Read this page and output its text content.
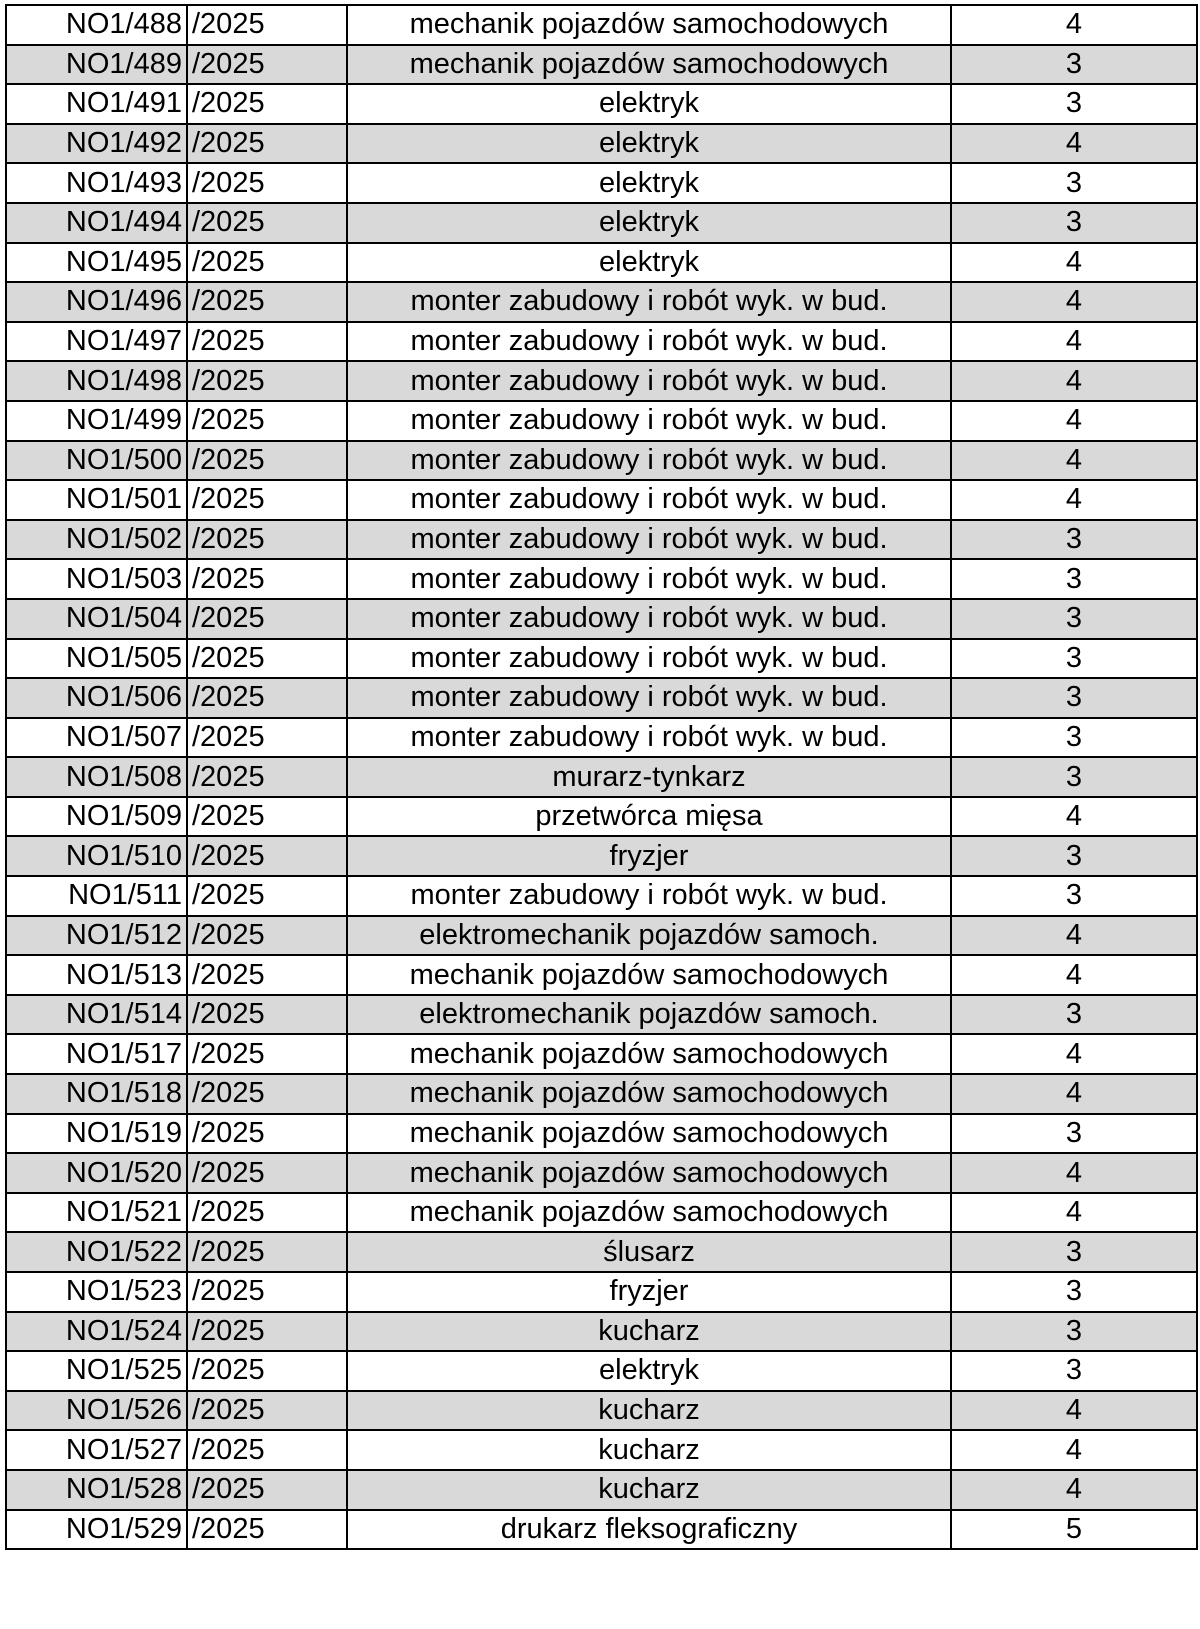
NO1/488	/2025	mechanik pojazdów samochodowych	4
NO1/489	/2025	mechanik pojazdów samochodowych	3
NO1/491	/2025	elektryk	3
NO1/492	/2025	elektryk	4
NO1/493	/2025	elektryk	3
NO1/494	/2025	elektryk	3
NO1/495	/2025	elektryk	4
NO1/496	/2025	monter zabudowy i robót wyk. w bud.	4
NO1/497	/2025	monter zabudowy i robót wyk. w bud.	4
NO1/498	/2025	monter zabudowy i robót wyk. w bud.	4
NO1/499	/2025	monter zabudowy i robót wyk. w bud.	4
NO1/500	/2025	monter zabudowy i robót wyk. w bud.	4
NO1/501	/2025	monter zabudowy i robót wyk. w bud.	4
NO1/502	/2025	monter zabudowy i robót wyk. w bud.	3
NO1/503	/2025	monter zabudowy i robót wyk. w bud.	3
NO1/504	/2025	monter zabudowy i robót wyk. w bud.	3
NO1/505	/2025	monter zabudowy i robót wyk. w bud.	3
NO1/506	/2025	monter zabudowy i robót wyk. w bud.	3
NO1/507	/2025	monter zabudowy i robót wyk. w bud.	3
NO1/508	/2025	murarz-tynkarz	3
NO1/509	/2025	przetwórca mięsa	4
NO1/510	/2025	fryzjer	3
NO1/511	/2025	monter zabudowy i robót wyk. w bud.	3
NO1/512	/2025	elektromechanik pojazdów samoch.	4
NO1/513	/2025	mechanik pojazdów samochodowych	4
NO1/514	/2025	elektromechanik pojazdów samoch.	3
NO1/517	/2025	mechanik pojazdów samochodowych	4
NO1/518	/2025	mechanik pojazdów samochodowych	4
NO1/519	/2025	mechanik pojazdów samochodowych	3
NO1/520	/2025	mechanik pojazdów samochodowych	4
NO1/521	/2025	mechanik pojazdów samochodowych	4
NO1/522	/2025	ślusarz	3
NO1/523	/2025	fryzjer	3
NO1/524	/2025	kucharz	3
NO1/525	/2025	elektryk	3
NO1/526	/2025	kucharz	4
NO1/527	/2025	kucharz	4
NO1/528	/2025	kucharz	4
NO1/529	/2025	drukarz fleksograficzny	5
